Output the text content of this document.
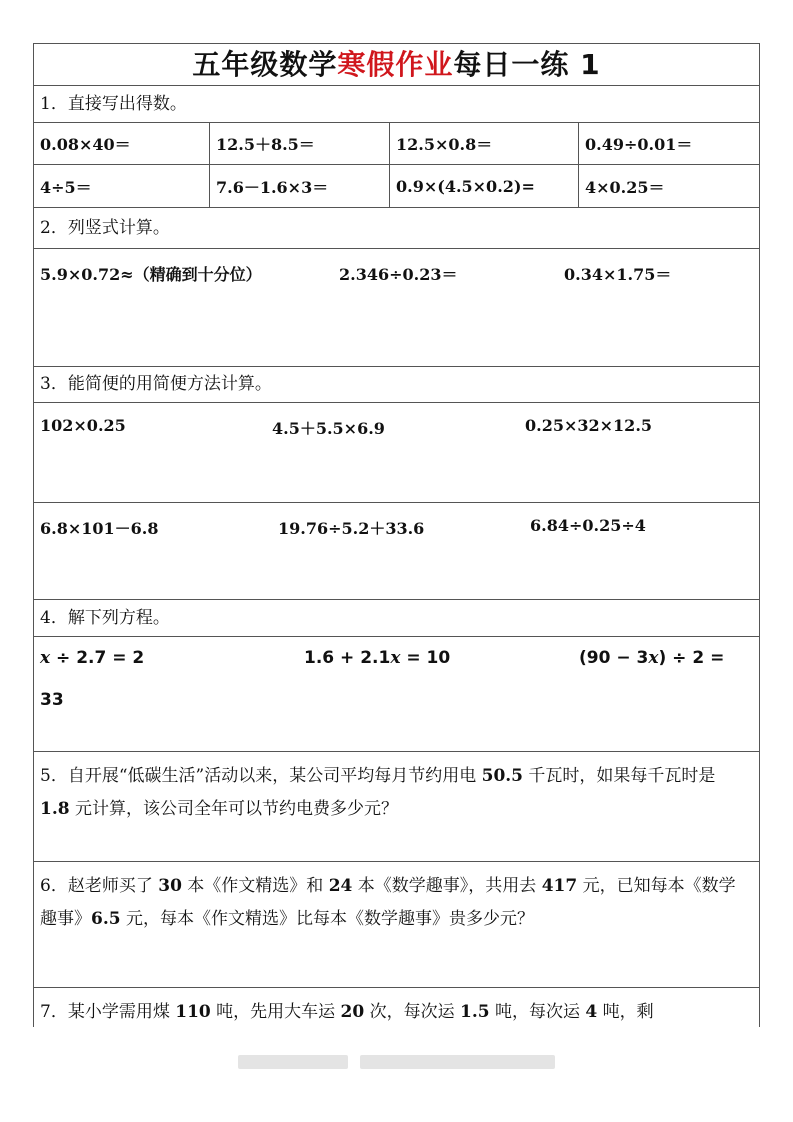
五年级数学寒假作业每日一练 1
1．直接写出得数。
0.08×40＝	12.5＋8.5＝	12.5×0.8＝	0.49÷0.01＝
4÷5＝	7.6－1.6×3＝	0.9×(4.5×0.2)=	4×0.25＝
2．列竖式计算。
5.9×0.72≈（精确到十分位）	2.346÷0.23＝	0.34×1.75＝
3．能简便的用简便方法计算。
102×0.25	4.5＋5.5×6.9	0.25×32×12.5
6.8×101－6.8	19.76÷5.2＋33.6	6.84÷0.25÷4
4．解下列方程。
x ÷ 2.7 = 2	1.6 + 2.1x = 10	(90 − 3x) ÷ 2 =
33
5．自开展“低碳生活”活动以来，某公司平均每月节约用电 50.5 千瓦时，如果每千瓦时是 1.8 元计算，该公司全年可以节约电费多少元？
6．赵老师买了 30 本《作文精选》和 24 本《数学趣事》，共用去 417 元，已知每本《数学趣事》6.5 元，每本《作文精选》比每本《数学趣事》贵多少元？
7．某小学需用煤 110 吨，先用大车运 20 次，每次运 1.5 吨，每次运 4 吨，剩
